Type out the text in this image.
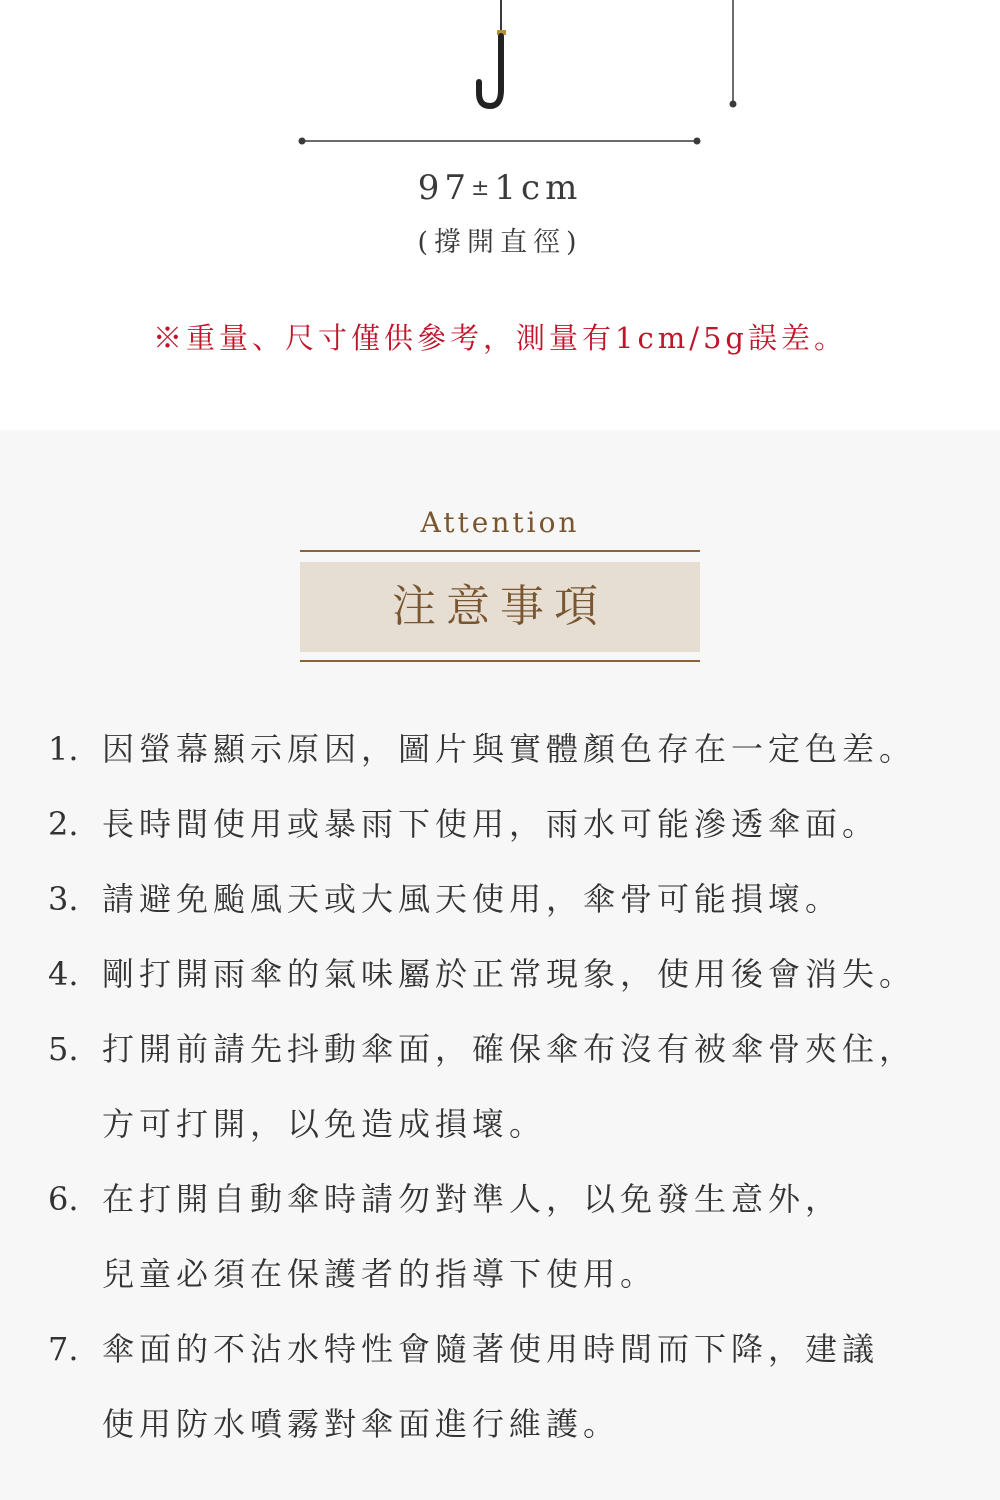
97±1cm
(撐開直徑)
※重量、尺寸僅供參考，測量有1cm/5g誤差。
Attention
注意事項
1. 因螢幕顯示原因，圖片與實體顏色存在一定色差。
2. 長時間使用或暴雨下使用，雨水可能滲透傘面。
3. 請避免颱風天或大風天使用，傘骨可能損壞。
4. 剛打開雨傘的氣味屬於正常現象，使用後會消失。
5. 打開前請先抖動傘面，確保傘布沒有被傘骨夾住，
方可打開，以免造成損壞。
6. 在打開自動傘時請勿對準人，以免發生意外，
兒童必須在保護者的指導下使用。
7. 傘面的不沾水特性會隨著使用時間而下降，建議
使用防水噴霧對傘面進行維護。
